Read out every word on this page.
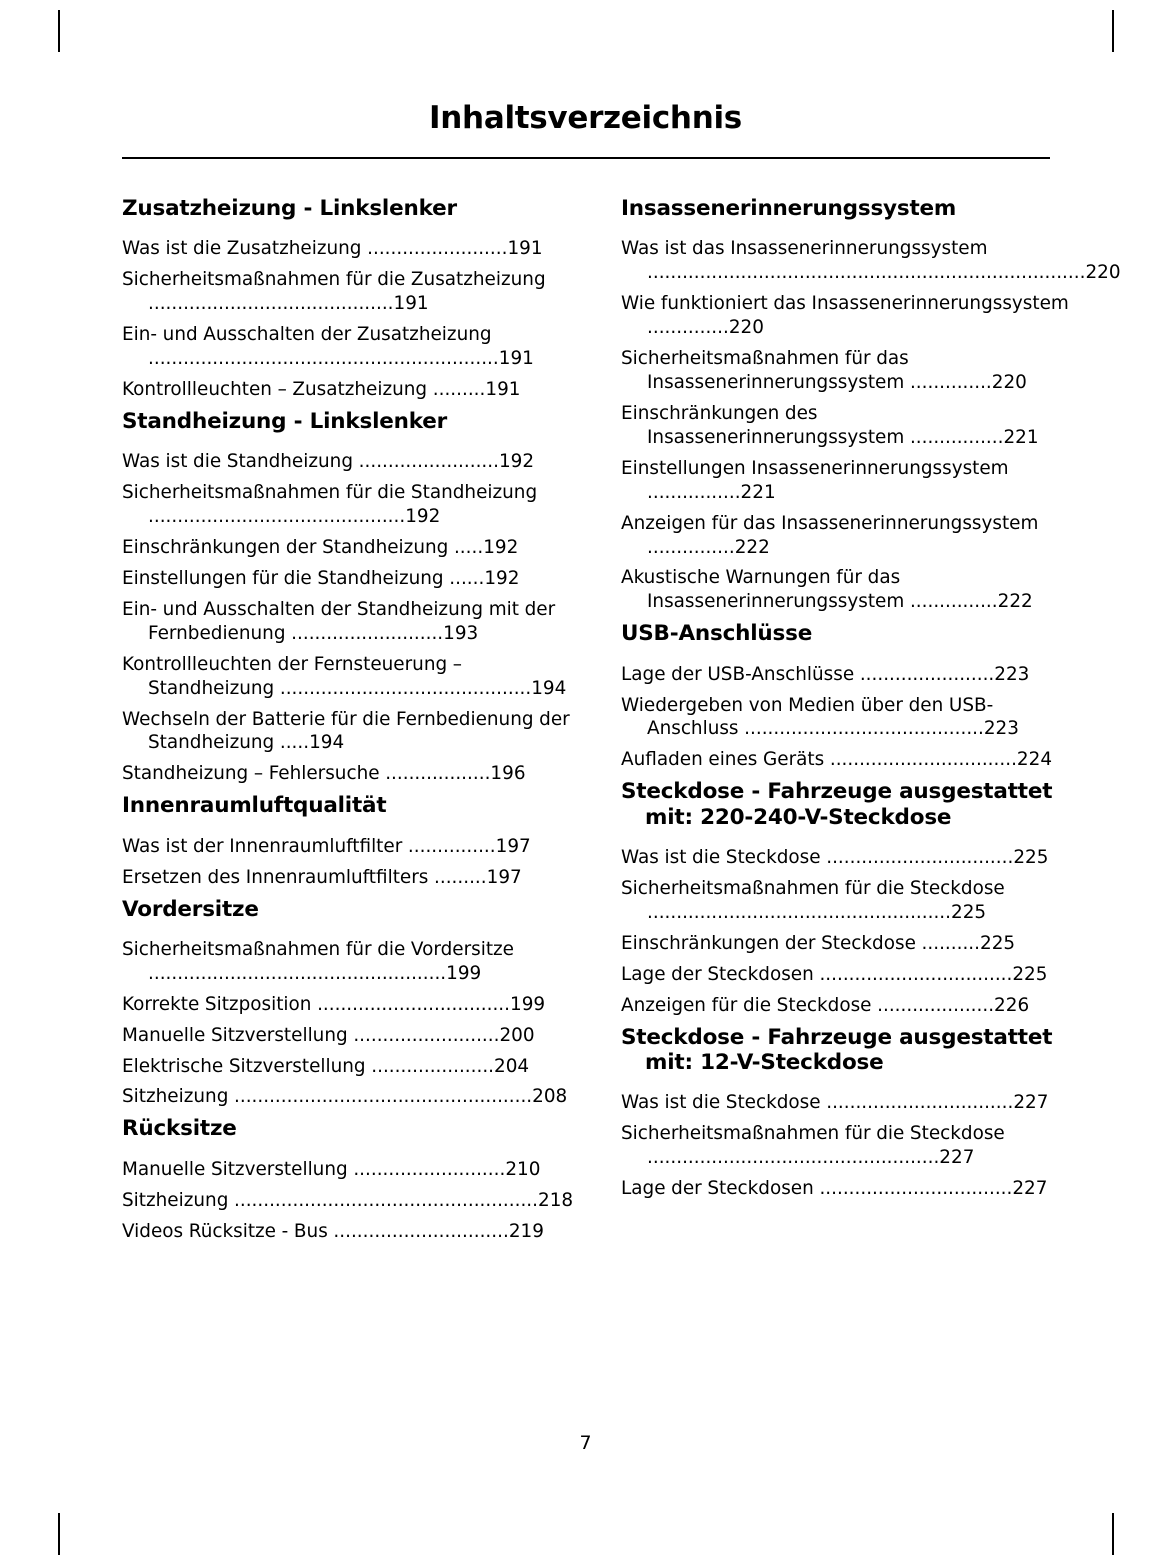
Inhaltsverzeichnis
Zusatzheizung - Linkslenker

Was ist die Zusatzheizung ........................191

Sicherheitsmaßnahmen für die Zusatzheizung ..........................................191

Ein- und Ausschalten der Zusatzheizung ............................................................191

Kontrollleuchten – Zusatzheizung .........191

Standheizung - Linkslenker

Was ist die Standheizung ........................192

Sicherheitsmaßnahmen für die Standheizung ............................................192

Einschränkungen der Standheizung .....192

Einstellungen für die Standheizung ......192

Ein- und Ausschalten der Standheizung mit der Fernbedienung ..........................193

Kontrollleuchten der Fernsteuerung – Standheizung ...........................................194

Wechseln der Batterie für die Fernbedienung der Standheizung .....194

Standheizung – Fehlersuche ..................196

Innenraumluftqualität

Was ist der Innenraumluftfilter ...............197

Ersetzen des Innenraumluftfilters .........197

Vordersitze

Sicherheitsmaßnahmen für die Vordersitze ...................................................199

Korrekte Sitzposition .................................199

Manuelle Sitzverstellung .........................200

Elektrische Sitzverstellung .....................204

Sitzheizung ...................................................208

Rücksitze

Manuelle Sitzverstellung ..........................210

Sitzheizung ....................................................218

Videos Rücksitze - Bus ..............................219

Insassenerinnerungssystem

Was ist das Insassenerinnerungssystem ...........................................................................220

Wie funktioniert das Insassenerinnerungssystem ..............220

Sicherheitsmaßnahmen für das Insassenerinnerungssystem ..............220

Einschränkungen des Insassenerinnerungssystem ................221

Einstellungen Insassenerinnerungssystem ................221

Anzeigen für das Insassenerinnerungssystem ...............222

Akustische Warnungen für das Insassenerinnerungssystem ...............222

USB-Anschlüsse

Lage der USB-Anschlüsse .......................223

Wiedergeben von Medien über den USB-Anschluss .........................................223

Aufladen eines Geräts ................................224

Steckdose - Fahrzeuge ausgestattet mit: 220-240-V-Steckdose

Was ist die Steckdose ................................225

Sicherheitsmaßnahmen für die Steckdose ....................................................225

Einschränkungen der Steckdose ..........225

Lage der Steckdosen .................................225

Anzeigen für die Steckdose ....................226

Steckdose - Fahrzeuge ausgestattet mit: 12-V-Steckdose

Was ist die Steckdose ................................227

Sicherheitsmaßnahmen für die Steckdose ..................................................227

Lage der Steckdosen .................................227

7
